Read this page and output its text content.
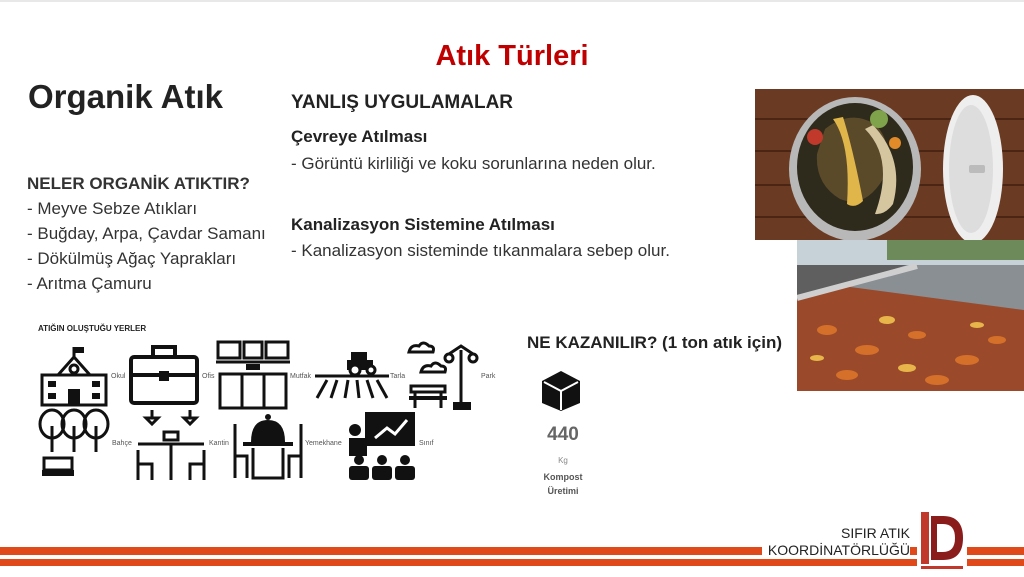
Atık Türleri
Organik Atık
NELER ORGANİK ATIKTIR?
- Meyve Sebze Atıkları
- Buğday, Arpa, Çavdar Samanı
- Dökülmüş Ağaç Yaprakları
- Arıtma Çamuru
YANLIŞ UYGULAMALAR
Çevreye Atılması
- Görüntü kirliliği ve koku sorunlarına neden olur.
Kanalizasyon Sistemine Atılması
- Kanalizasyon sisteminde tıkanmalara sebep olur.
ATIĞIN OLUŞTUĞU YERLER
Okul	Ofis	Mutfak	Tarla	Park
Bahçe	Kantin	Yemekhane	Sınıf
NE KAZANILIR? (1 ton atık için)
440
Kg
Kompost
Üretimi
SIFIR ATIK
KOORDİNATÖRLÜĞÜ
